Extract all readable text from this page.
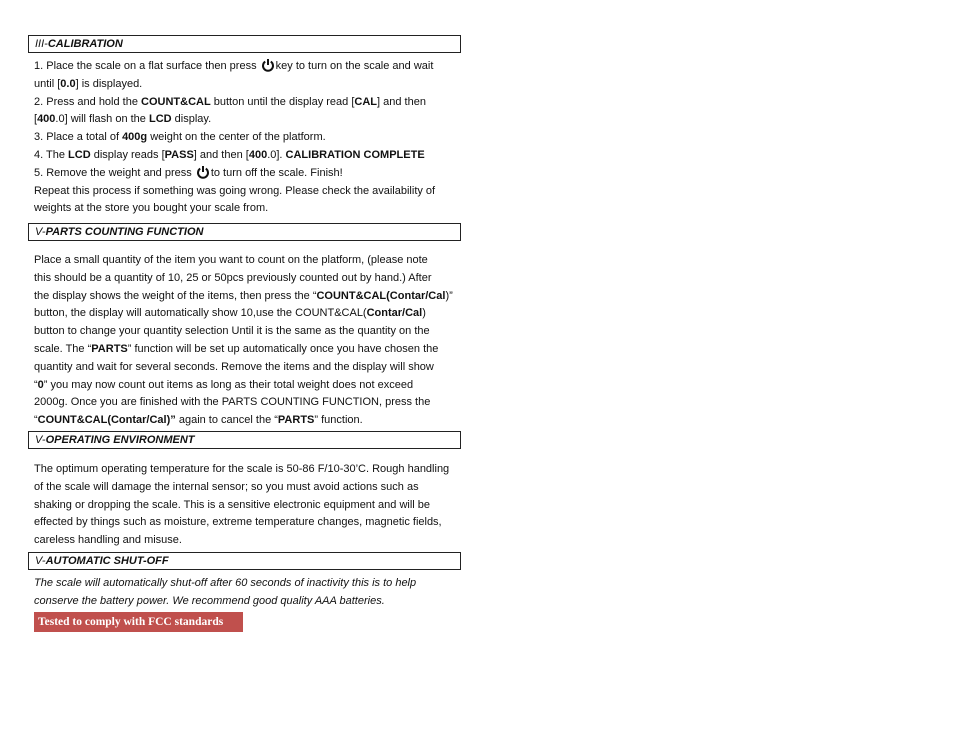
III-CALIBRATION

1. Place the scale on a flat surface then press key to turn on the scale and wait

until [0.0] is displayed.

2. Press and hold the COUNT&CAL button until the display read [CAL] and then

[400.0] will flash on the LCD display.

3. Place a total of 400g weight on the center of the platform.

4. The LCD display reads [PASS] and then [400.0]. CALIBRATION COMPLETE

5. Remove the weight and press to turn off the scale. Finish!

Repeat this process if something was going wrong. Please check the availability of

weights at the store you bought your scale from.

V-PARTS COUNTING FUNCTION

Place a small quantity of the item you want to count on the platform, (please note

this should be a quantity of 10, 25 or 50pcs previously counted out by hand.) After

the display shows the weight of the items, then press the “COUNT&CAL(Contar/Cal)”

button, the display will automatically show 10,use the COUNT&CAL(Contar/Cal)

button to change your quantity selection Until it is the same as the quantity on the

scale. The “PARTS” function will be set up automatically once you have chosen the

quantity and wait for several seconds. Remove the items and the display will show

“0” you may now count out items as long as their total weight does not exceed

2000g. Once you are finished with the PARTS COUNTING FUNCTION, press the

“COUNT&CAL(Contar/Cal)” again to cancel the “PARTS” function.

V-OPERATING ENVIRONMENT

The optimum operating temperature for the scale is 50-86 F/10-30’C. Rough handling

of the scale will damage the internal sensor; so you must avoid actions such as

shaking or dropping the scale. This is a sensitive electronic equipment and will be

effected by things such as moisture, extreme temperature changes, magnetic fields,

careless handling and misuse.

V-AUTOMATIC SHUT-OFF

The scale will automatically shut-off after 60 seconds of inactivity this is to help

conserve the battery power. We recommend good quality AAA batteries.

Tested to comply with FCC standards
